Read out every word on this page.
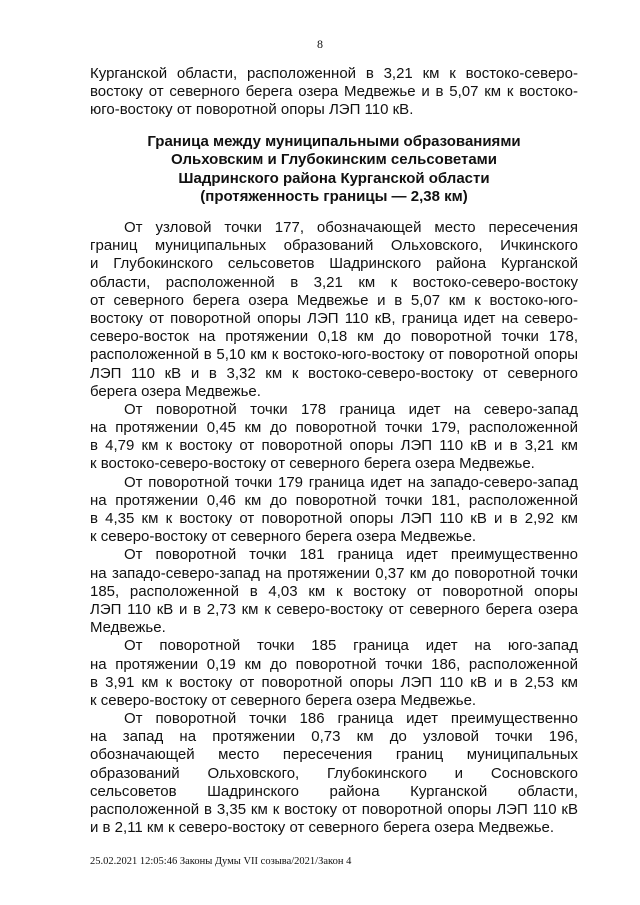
8
Курганской области, расположенной в 3,21 км к востоко-северо-
востоку от северного берега озера Медвежье и в 5,07 км к востоко-
юго-востоку от поворотной опоры ЛЭП 110 кВ.
Граница между муниципальными образованиями
Ольховским и Глубокинским сельсоветами
Шадринского района Курганской области
(протяженность границы — 2,38 км)
От узловой точки 177, обозначающей место пересечения
границ муниципальных образований Ольховского, Ичкинского
и Глубокинского сельсоветов Шадринского района Курганской
области, расположенной в 3,21 км к востоко-северо-востоку
от северного берега озера Медвежье и в 5,07 км к востоко-юго-
востоку от поворотной опоры ЛЭП 110 кВ, граница идет на северо-
северо-восток на протяжении 0,18 км до поворотной точки 178,
расположенной в 5,10 км к востоко-юго-востоку от поворотной опоры
ЛЭП 110 кВ и в 3,32 км к востоко-северо-востоку от северного
берега озера Медвежье.
От поворотной точки 178 граница идет на северо-запад
на протяжении 0,45 км до поворотной точки 179, расположенной
в 4,79 км к востоку от поворотной опоры ЛЭП 110 кВ и в 3,21 км
к востоко-северо-востоку от северного берега озера Медвежье.
От поворотной точки 179 граница идет на западо-северо-запад
на протяжении 0,46 км до поворотной точки 181, расположенной
в 4,35 км к востоку от поворотной опоры ЛЭП 110 кВ и в 2,92 км
к северо-востоку от северного берега озера Медвежье.
От поворотной точки 181 граница идет преимущественно
на западо-северо-запад на протяжении 0,37 км до поворотной точки
185, расположенной в 4,03 км к востоку от поворотной опоры
ЛЭП 110 кВ и в 2,73 км к северо-востоку от северного берега озера
Медвежье.
От поворотной точки 185 граница идет на юго-запад
на протяжении 0,19 км до поворотной точки 186, расположенной
в 3,91 км к востоку от поворотной опоры ЛЭП 110 кВ и в 2,53 км
к северо-востоку от северного берега озера Медвежье.
От поворотной точки 186 граница идет преимущественно
на запад на протяжении 0,73 км до узловой точки 196,
обозначающей место пересечения границ муниципальных
образований Ольховского, Глубокинского и Сосновского
сельсоветов Шадринского района Курганской области,
расположенной в 3,35 км к востоку от поворотной опоры ЛЭП 110 кВ
и в 2,11 км к северо-востоку от северного берега озера Медвежье.
25.02.2021 12:05:46 Законы Думы VII созыва/2021/Закон 4
